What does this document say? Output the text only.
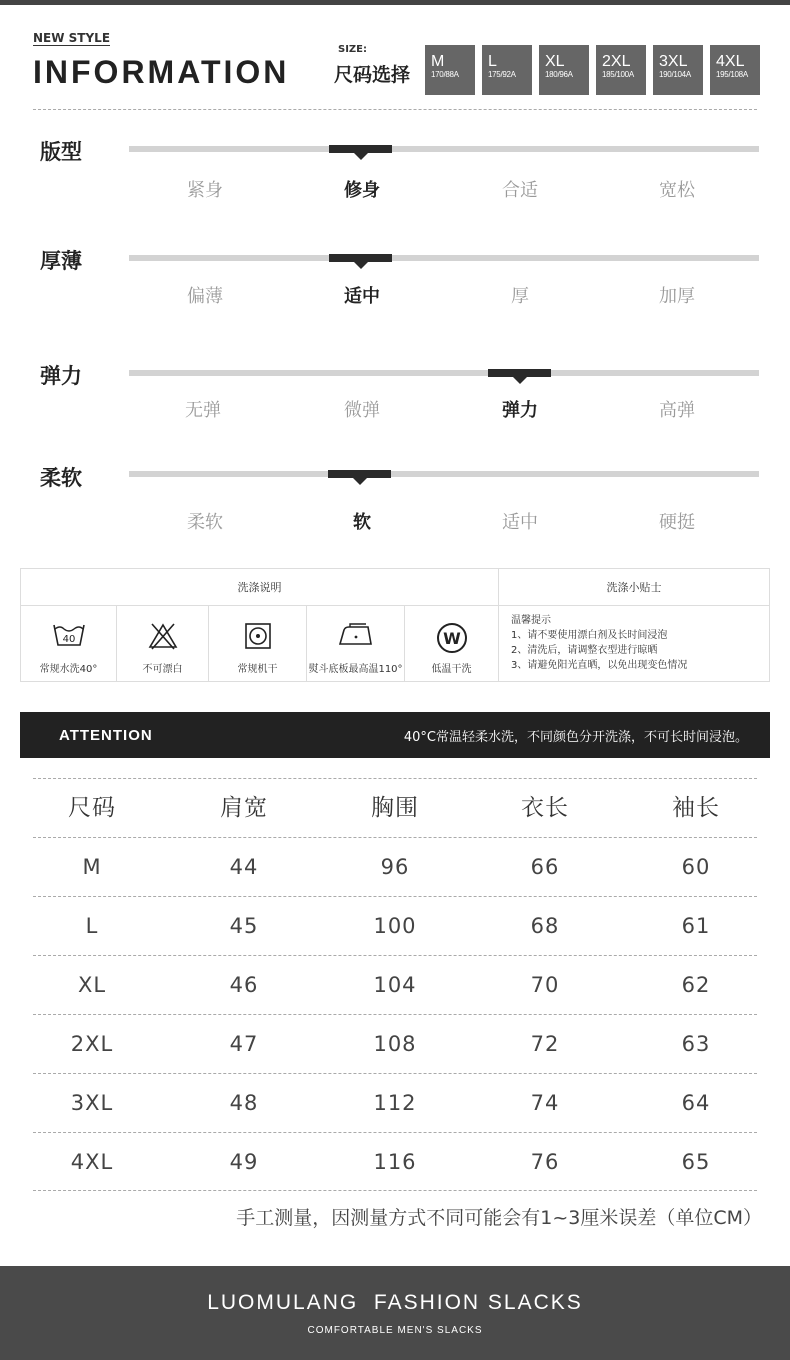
NEW STYLE
INFORMATION
SIZE:
尺码选择
M
170/88A
L
175/92A
XL
180/96A
2XL
185/100A
3XL
190/104A
4XL
195/108A
版型
紧身	修身	合适	宽松
厚薄
偏薄	适中	厚	加厚
弹力
无弹	微弹	弹力	高弹
柔软
柔软	软	适中	硬挺
洗涤说明	洗涤小贴士
40
常规水洗40°	不可漂白	常规机干	熨斗底板最高温110°
W
低温干洗
温馨提示
1、请不要使用漂白剂及长时间浸泡
2、清洗后，请调整衣型进行晾晒
3、请避免阳光直晒，以免出现变色情况
ATTENTION	40°C常温轻柔水洗，不同颜色分开洗涤，不可长时间浸泡。
尺码	肩宽	胸围	衣长	袖长
M	44	96	66	60
L	45	100	68	61
XL	46	104	70	62
2XL	47	108	72	63
3XL	48	112	74	64
4XL	49	116	76	65
手工测量，因测量方式不同可能会有1~3厘米误差（单位CM）
LUOMULANG  FASHION SLACKS
COMFORTABLE MEN'S SLACKS
